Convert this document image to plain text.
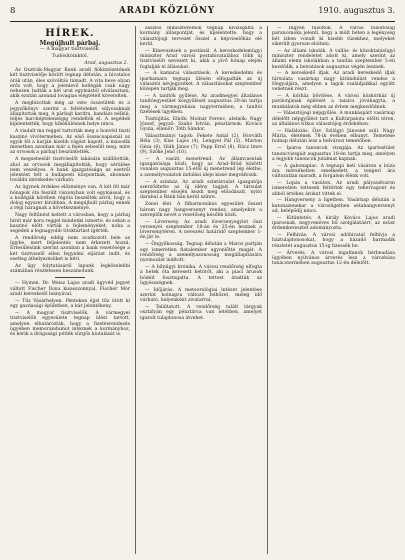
8	ARADI KÖZLÖNY	1910. augusztus 3.
HÍREK.
Megújhult párbaj.

— A magyar tisztviselők.

Tudósítóinktól.

Arad, augusztus 2.

Az Osztrák-Magyar Bank aradi fiókintézetének két tisztviselője között tegnap délután, a hivatalos órák után, éles szóváltás támadt. A vita heve olyan erős volt, hogy a jelenlevő kollégák csak nagy nehezen tudták a két urat egymástól elválasztani, akik ezután azonnal lovagias elégtételt követeltek.

A megbízottak még az este összeültek és a jegyzőkönyv szerint a feltételeket súlyosaknak állapították meg. A párbajt kardra, bandázs nélkül, teljes harcképtelenségig rendelték el. A segédek kijelentették, hogy kibékülésnek helye nincs.

A viadalt ma reggel tartották meg a honvéd tiszti kaszinó vívótermében. Az első összecsapásnál az egyik fél a karján kisebb vágást kapott, a második menetben azonban már a fején sebesült meg, mire az orvosok a párbajt beszüntették.

A megsebesült tisztviselőt lakására szállították, ahol az orvosok megállapították, hogy sérülése nem veszélyes. A bank igazgatósága az esetről jelentést tett a budapesti központnak, ahonnan további intézkedés várható.

Az ügynek érdekes előzménye van. A két fél már hónapok óta feszült viszonyban volt egymással, és a kollégák körében régóta beszéltek arról, hogy a dolog egyszer kirobban. A megújhult párbaj ennek a régi haragnak a következménye.

Nagy feltűnést keltett a városban, hogy a párbaj hírét már kora reggel mindenki ismerte, és sokan a kaszinó előtt várták a fejleményeket, noha a segédek a legnagyobb titoktartást ígérték.

A rendőrség eddig nem avatkozott bele az ügybe, mert feljelentés nem érkezett hozzá. Értesülésünk szerint azonban a bank vezetősége a két tisztviselő ellen fegyelmi eljárást indít, és esetleg áthelyezésüket is kéri.

Az ügy folytatásáról lapunk legközelebbi számában részletesen beszámolunk.

— Hymen. Dr. Weisz Lajos aradi ügyvéd jegyet váltott Fischer Ilona kisasszonnyal, Fischer Mór aradi kereskedő leányával.

— Tűz Vásárhelyen. Pénteken éjjel tűz ütött ki egy gazdasági épületben, a kár jelentékeny.

— A magyar tisztviselők. A vármegyei tisztviselők egyesülete tegnap ülést tartott, amelyen elhatározták, hogy a fizetésrendezés ügyében memorandumot intéznek a kormányhoz, és kérik a drágasági pótlék sürgős kiutalását is.

zászlós miniszterelnök tegnap kivizsgálta a kormány álláspontját, és kijelentette, hogy a választójogi tervezet ősszel a képviselőház elé kerül.

— Kinevezések a postánál. A kereskedelemügyi miniszter Arad városi postahivatalához több új tisztviselőt nevezett ki, akik a jövő hónap elején foglalják el állásukat.

— A kamarai választások. A kereskedelmi és iparkamara tegnapi ülésén elfogadták az új választói névjegyzéket. A választásokat szeptember közepén tartják meg.

— A tanítók gyűlése. Az aradmegyei általános tanítóegyesület közgyűlését augusztus 20-án tartja meg a vármegyeháza nagytermében, a tanítói fizetések ügyében.

Tisztújítás. Elnök: Molnár Ferenc, alelnök: Nagy József, jegyző: Szabó István, pénztárnok: Kovács Gyula, ellenőr: Tóth Sándor.

Választmányi tagok: Fekete Antal (2), Horváth Béla (3), Kiss Lajos (4), Lengyel Pál (5), Márton Géza (6), Oláh János (7), Papp Ernő (8), Rácz Imre (9), Szőke Jenő (10).

— A vasúti menetrend. Az államvasutak igazgatósága közli, hogy az Arad–Brád közötti vonalon augusztus 15-étől új menetrend lép életbe, a személyvonatok indulási ideje kissé megváltozik.

— A szinház. Az aradi színtársulat igazgatója szerződtette az új idény tagjait. A társulat szeptember elsején kezdi meg előadásait, nyitó darabul a Bánk bán kerül színre.

Zenei élet. A filharmonikus egyesület ősszel három nagy hangversenyt rendez, amelyekre a szereplők nevét a vezetőség később közli.

— Lóverseny. Az aradi lóversenyegylet őszi versenyei szeptember 18-án és 25-én lesznek a lóversenytéren. A nevezési határidő szeptember 1-én jár le.

— Öngyilkosság. Tegnap délután a Maros partján egy ismeretlen fiatalember agyonlőtte magát. A rendőrség a személyazonosság megállapítására nyomozást indított.

— A bűnügyi krónika. A városi rendőrség elfogta a hetek óta keresett betörőt, aki a piaci árusok bódéit fosztogatta. A tettest átadták az ügyészségnek.

— Időjárás. A meteorológiai intézet jelentése szerint holnapra változó felhőzet, meleg idő várható, helyenként zivatarral.

— Találtatott. A rendőrség talált tárgyak osztályán egy pénztárca van letétben, amelyet igazolt tulajdonosa átvehet.

— Ingyen tűzoltók. A városi tűzoltóság parancsnoka jelenti, hogy a múlt héten a legénység két ízben vonult ki kisebb tüzekhez, melyeket sikerült gyorsan eloltani.

— Az állami iskolák. A vallás- és közoktatásügyi miniszter rendeletet adott ki, amely szerint az állami elemi iskolákban a tanítás szeptember 5-én kezdődik, a beiratások augusztus végén lesznek.

— A kereskedő ifjak. Az aradi kereskedő ifjak társulata vasárnap nagy kirándulást rendez a Hegyaljára, amelyen a tagok családjaikkal együtt vehetnek részt.

— A kórház bővítése. A városi közkórház új pavilonjának építését a tanács jóváhagyta, a munkálatok még ebben az évben megkezdődnek.

— Választójogi népgyűlés. A munkáspárt vasárnap délelőtt népgyűlést tart a Kultúrpalota előtti téren, az általános titkos választójog érdekében.

— Halálozás. Özv. Szilágyi Jánosné szül. Nagy Mária, életének 78-ik évében elhunyt. Temetése holnap délután lesz a belvárosi temetőben.

— Iparos tanoncok vizsgája. Az ipartestület tanoncvizsgáit augusztus 10-én tartja meg, amelyen a legjobb tanoncok jutalmat kapnak.

— A gabonapiac. A tegnapi heti vásáron a búza ára mérsékelten emelkedett, a tengeri ára változatlan maradt, a forgalom élénk volt.

— Lopás a vasúton. Az aradi pályaudvaron ismeretlen tettesek feltörtek egy tehervagont és abból értékes árukat vittek el.

— Hangverseny a ligetben. Vasárnap délután a katonazenekar a városligetben sétahangversenyt ad, belépődíj nincs.

— Kitüntetés. A király Kovács Lajos aradi iparosnak, negyvenéves hű szolgálatáért, az ezüst érdemkeresztet adományozta.

— Felhívás. A városi adóhivatal felhívja a háztulajdonosokat, hogy a házadó harmadik részletét augusztus 15-ig fizessék be.

— Árverés. A városi ingatlanok bérbeadása ügyében nyilvános árverés lesz a városháza tanácstermében augusztus 12-én délelőtt.
